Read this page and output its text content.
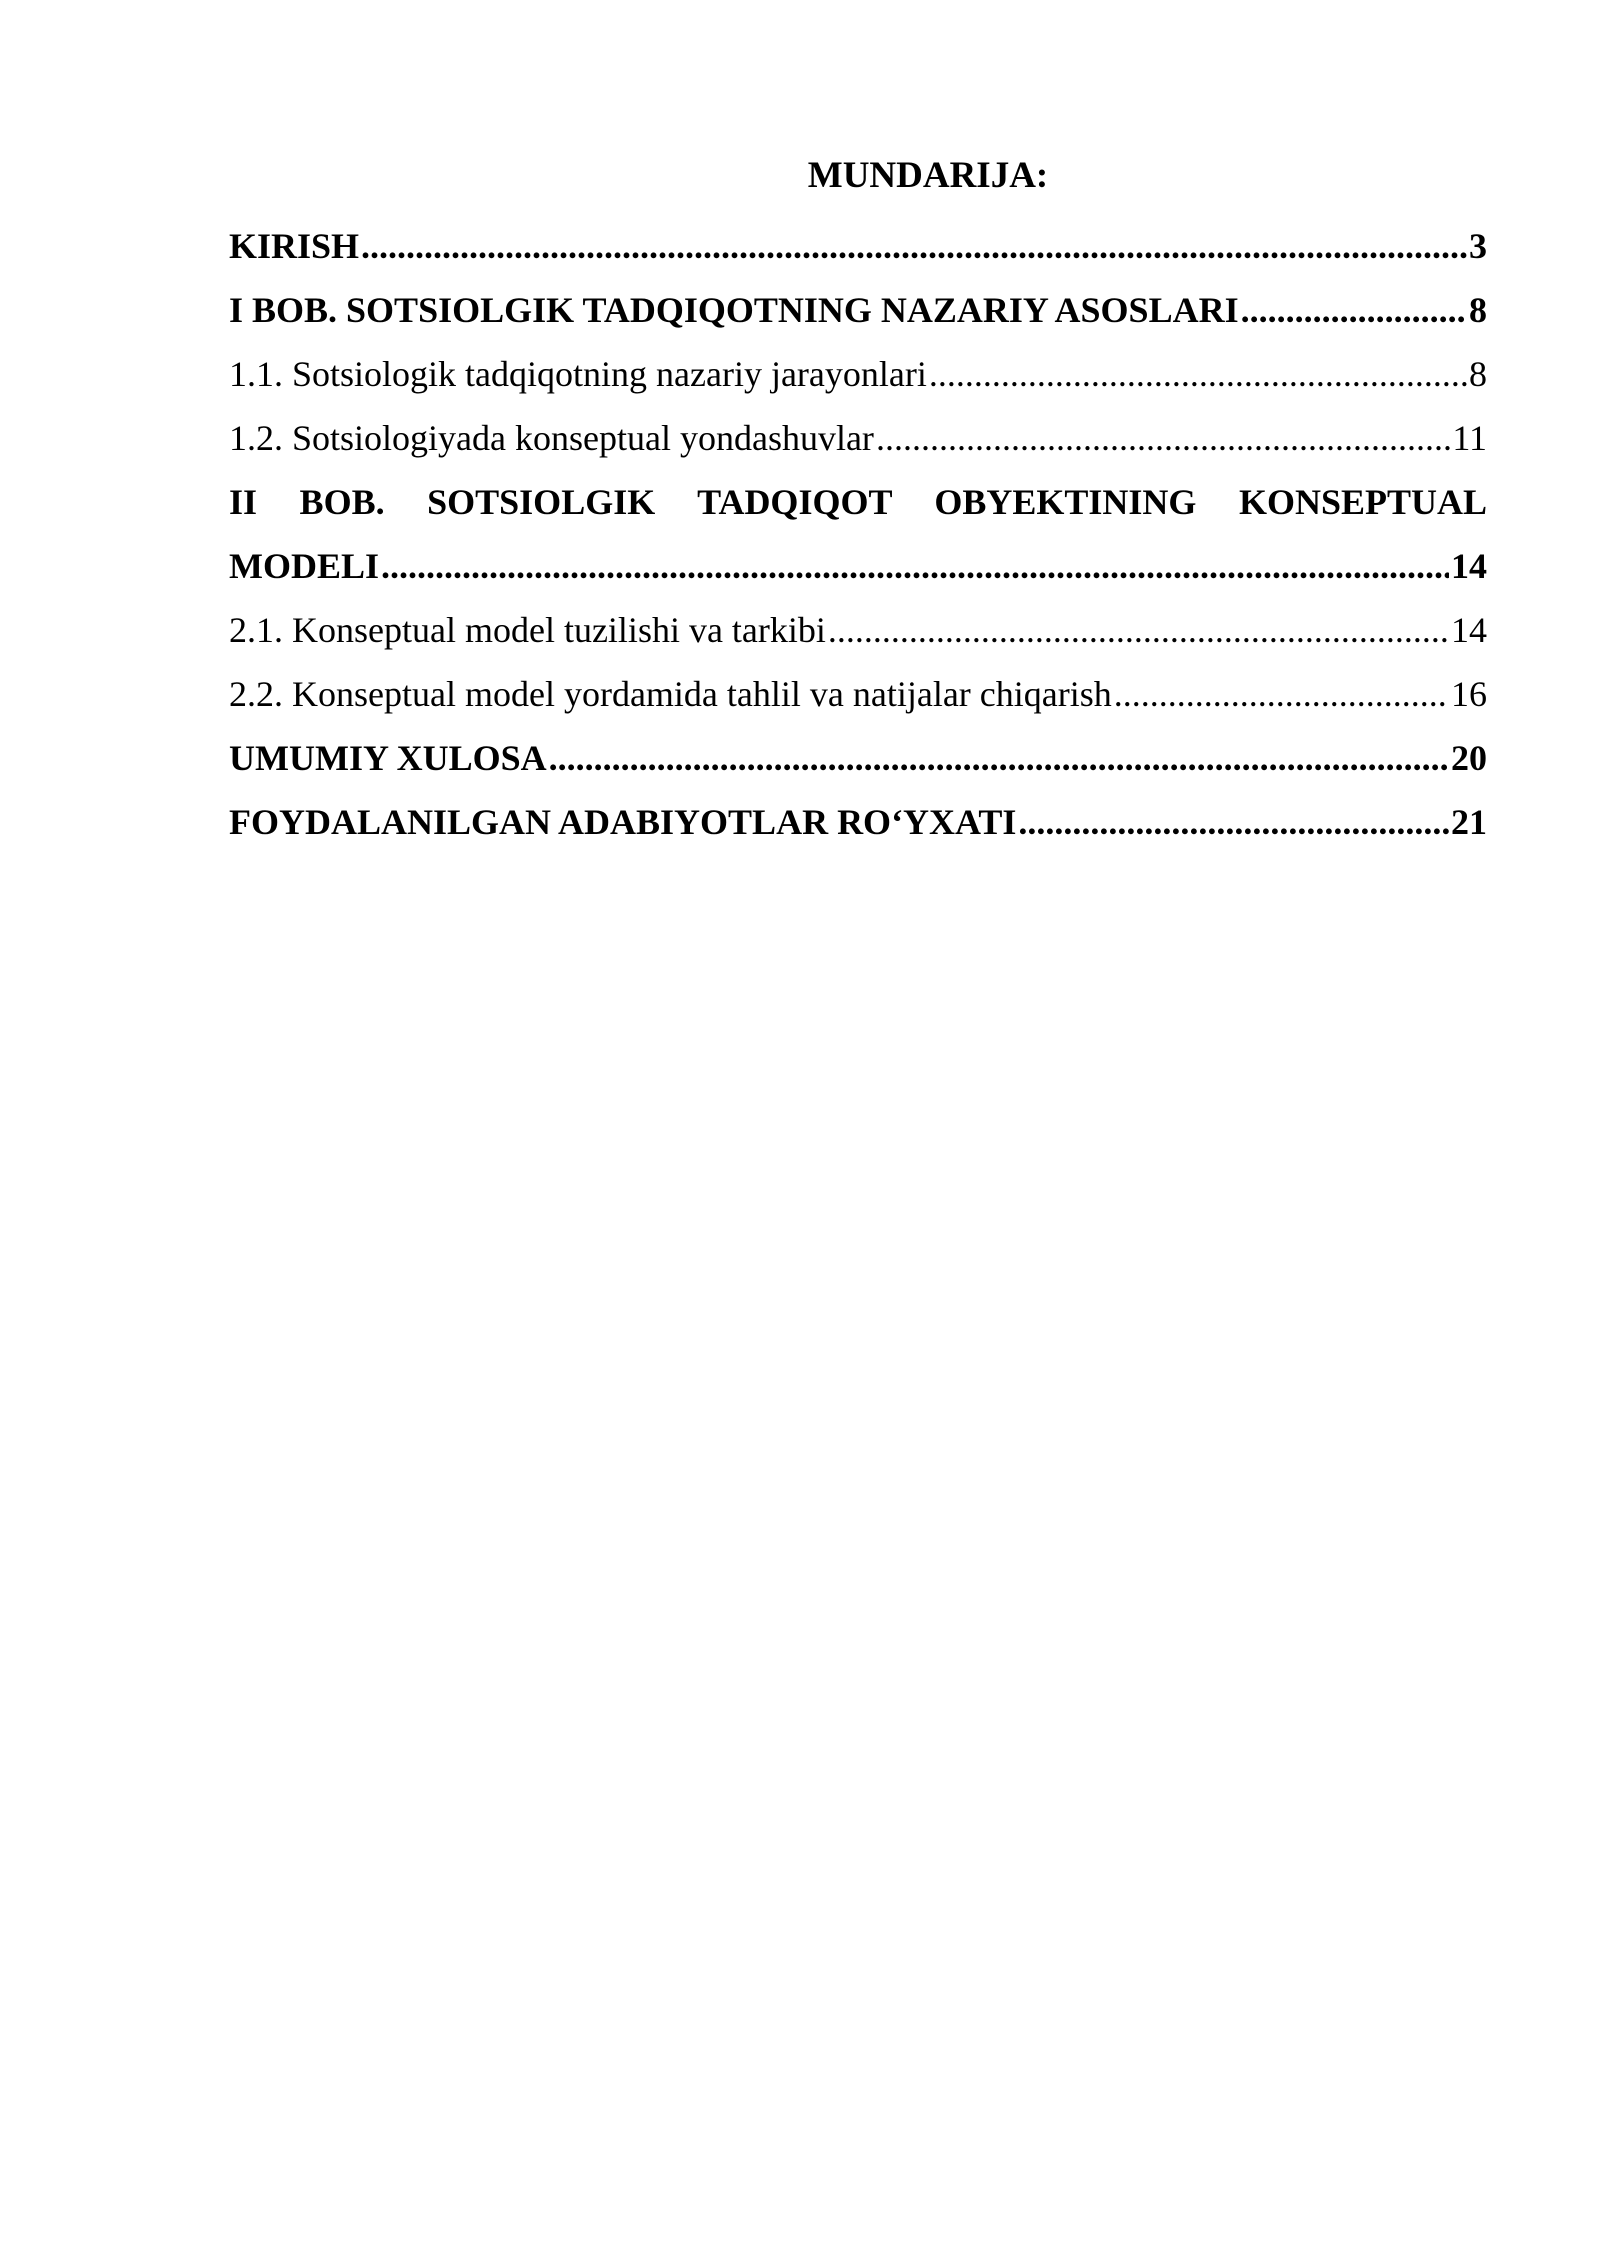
MUNDARIJA:
KIRISH .....	3
I BOB. SOTSIOLGIK TADQIQOTNING NAZARIY ASOSLARI .....	8
1.1. Sotsiologik tadqiqotning nazariy jarayonlari .....	8
1.2. Sotsiologiyada konseptual yondashuvlar .....	11
II BOB. SOTSIOLGIK TADQIQOT OBYEKTINING KONSEPTUAL
MODELI .....	14
2.1. Konseptual model tuzilishi va tarkibi .....	14
2.2. Konseptual model yordamida tahlil va natijalar chiqarish .....	16
UMUMIY XULOSA .....	20
FOYDALANILGAN ADABIYOTLAR RO‘YXATI .....	21
